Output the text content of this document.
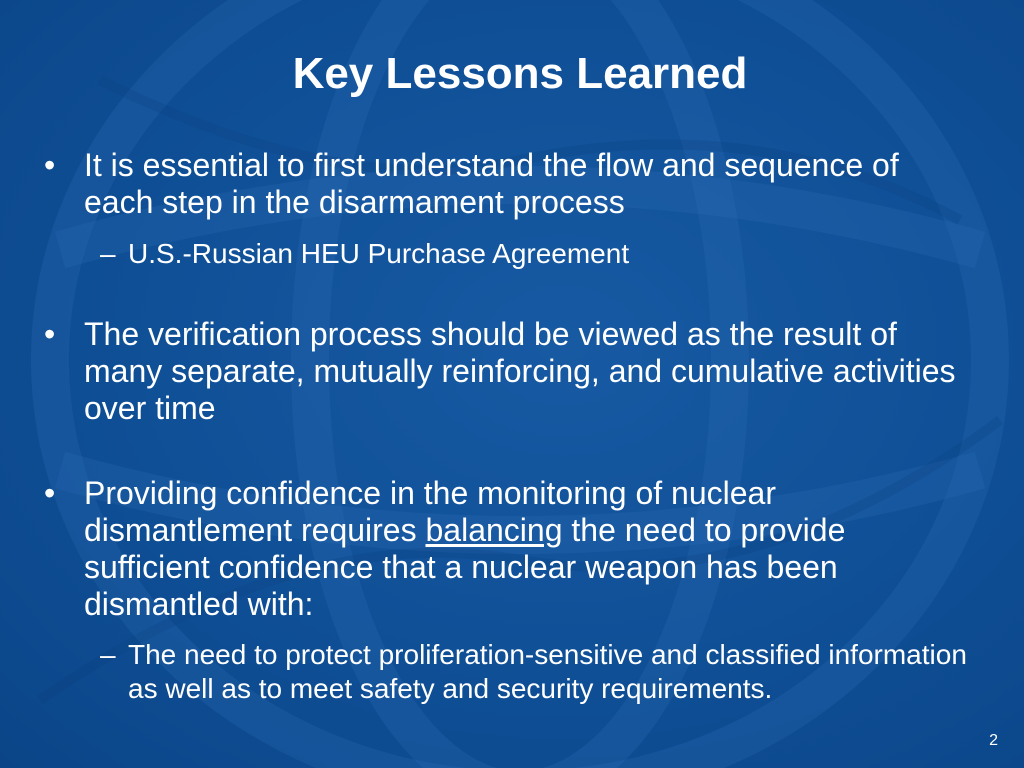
Key Lessons Learned
• It is essential to first understand the flow and sequence of each step in the disarmament process
– U.S.-Russian HEU Purchase Agreement
• The verification process should be viewed as the result of many separate, mutually reinforcing, and cumulative activities over time
• Providing confidence in the monitoring of nuclear dismantlement requires balancing the need to provide sufficient confidence that a nuclear weapon has been dismantled with:
– The need to protect proliferation-sensitive and classified information as well as to meet safety and security requirements.
2
